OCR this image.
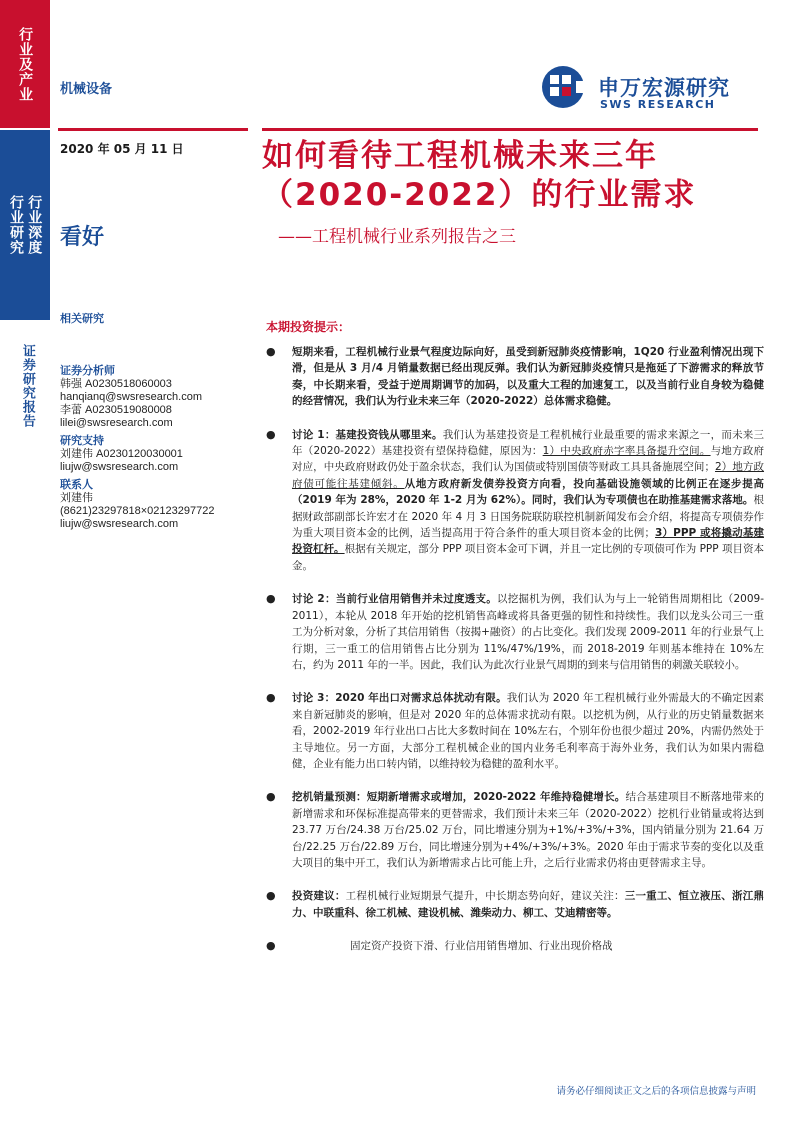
行业及产业
行业研究 行业深度
证券研究报告
机械设备	申万宏源研究
SWS RESEARCH
2020 年 05 月 11 日
看好
相关研究
如何看待工程机械未来三年
（2020-2022）的行业需求
——工程机械行业系列报告之三
证券分析师
韩强 A0230518060003
hanqianq@swsresearch.com
李蕾 A0230519080008
lilei@swsresearch.com
研究支持
刘建伟 A0230120030001
liujw@swsresearch.com
联系人
刘建伟
(8621)23297818×02123297722
liujw@swsresearch.com
本期投资提示：
● 短期来看，工程机械行业景气程度边际向好，虽受到新冠肺炎疫情影响，1Q20 行业盈利情况出现下滑，但是从 3 月/4 月销量数据已经出现反弹。我们认为新冠肺炎疫情只是拖延了下游需求的释放节奏，中长期来看，受益于逆周期调节的加码，以及重大工程的加速复工，以及当前行业自身较为稳健的经营情况，我们认为行业未来三年（2020-2022）总体需求稳健。
● 讨论 1：基建投资钱从哪里来。我们认为基建投资是工程机械行业最重要的需求来源之一，而未来三年（2020-2022）基建投资有望保持稳健，原因为：1）中央政府赤字率具备提升空间。与地方政府对应，中央政府财政仍处于盈余状态，我们认为国债或特别国债等财政工具具备施展空间；2）地方政府债可能往基建倾斜。从地方政府新发债券投资方向看，投向基础设施领域的比例正在逐步提高（2019 年为 28%，2020 年 1-2 月为 62%）。同时，我们认为专项债也在助推基建需求落地。根据财政部副部长许宏才在 2020 年 4 月 3 日国务院联防联控机制新闻发布会介绍，将提高专项债券作为重大项目资本金的比例，适当提高用于符合条件的重大项目资本金的比例；3）PPP 或将撬动基建投资杠杆。根据有关规定，部分 PPP 项目资本金可下调，并且一定比例的专项债可作为 PPP 项目资本金。
● 讨论 2：当前行业信用销售并未过度透支。以挖掘机为例，我们认为与上一轮销售周期相比（2009-2011），本轮从 2018 年开始的挖机销售高峰或将具备更强的韧性和持续性。我们以龙头公司三一重工为分析对象，分析了其信用销售（按揭+融资）的占比变化。我们发现 2009-2011 年的行业景气上行期，三一重工的信用销售占比分别为 11%/47%/19%，而 2018-2019 年则基本维持在 10%左右，约为 2011 年的一半。因此，我们认为此次行业景气周期的到来与信用销售的刺激关联较小。
● 讨论 3：2020 年出口对需求总体扰动有限。我们认为 2020 年工程机械行业外需最大的不确定因素来自新冠肺炎的影响，但是对 2020 年的总体需求扰动有限。以挖机为例，从行业的历史销量数据来看，2002-2019 年行业出口占比大多数时间在 10%左右，个别年份也很少超过 20%，内需仍然处于主导地位。另一方面，大部分工程机械企业的国内业务毛利率高于海外业务，我们认为如果内需稳健，企业有能力出口转内销，以维持较为稳健的盈利水平。
● 挖机销量预测：短期新增需求或增加，2020-2022 年维持稳健增长。结合基建项目不断落地带来的新增需求和环保标准提高带来的更替需求，我们预计未来三年（2020-2022）挖机行业销量或将达到 23.77 万台/24.38 万台/25.02 万台，同比增速分别为+1%/+3%/+3%，国内销量分别为 21.64 万台/22.25 万台/22.89 万台，同比增速分别为+4%/+3%/+3%。2020 年由于需求节奏的变化以及重大项目的集中开工，我们认为新增需求占比可能上升，之后行业需求仍将由更替需求主导。
● 投资建议：工程机械行业短期景气提升，中长期态势向好，建议关注：三一重工、恒立液压、浙江鼎力、中联重科、徐工机械、建设机械、潍柴动力、柳工、艾迪精密等。
●	固定资产投资下滑、行业信用销售增加、行业出现价格战
请务必仔细阅读正文之后的各项信息披露与声明
